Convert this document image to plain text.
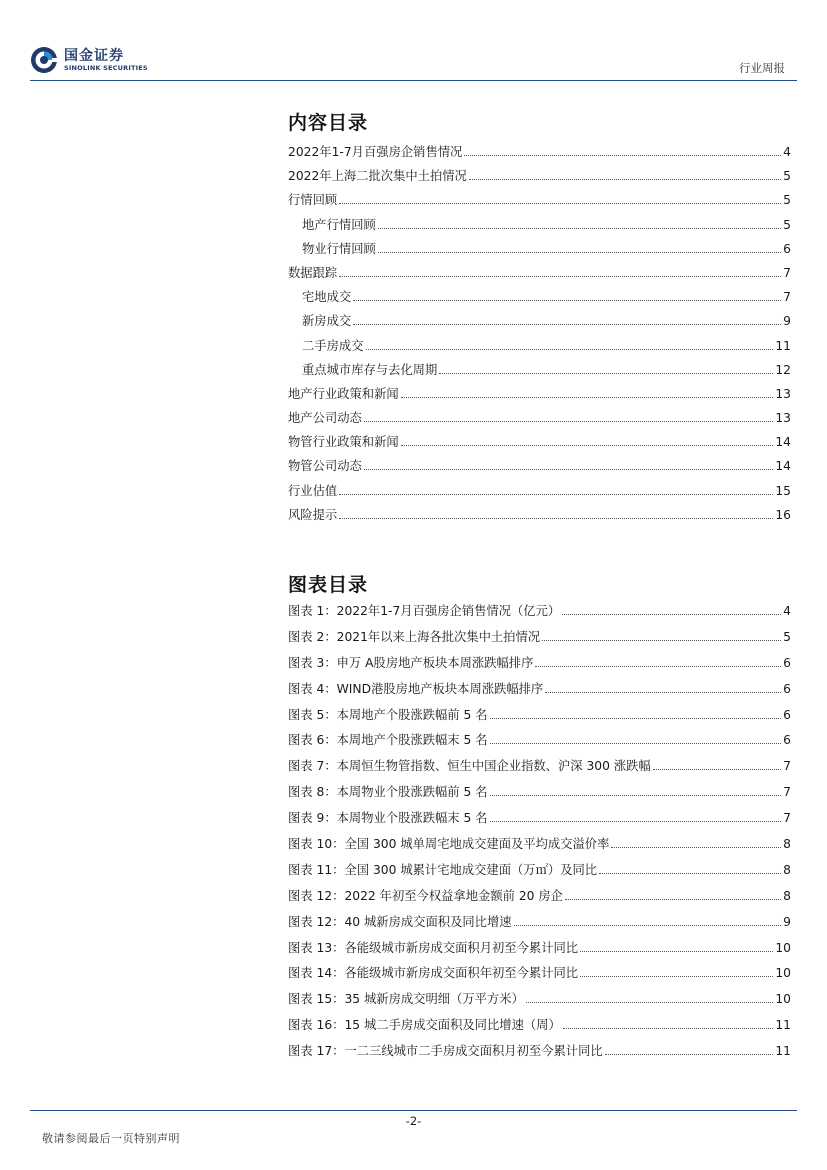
国金证券
SINOLINK SECURITIES	行业周报
内容目录
2022年1-7月百强房企销售情况	4
2022年上海二批次集中土拍情况	5
行情回顾	5
地产行情回顾	5
物业行情回顾	6
数据跟踪	7
宅地成交	7
新房成交	9
二手房成交	11
重点城市库存与去化周期	12
地产行业政策和新闻	13
地产公司动态	13
物管行业政策和新闻	14
物管公司动态	14
行业估值	15
风险提示	16
图表目录
图表 1：2022年1-7月百强房企销售情况（亿元）	4
图表 2：2021年以来上海各批次集中土拍情况	5
图表 3：申万 A股房地产板块本周涨跌幅排序	6
图表 4：WIND港股房地产板块本周涨跌幅排序	6
图表 5：本周地产个股涨跌幅前 5 名	6
图表 6：本周地产个股涨跌幅末 5 名	6
图表 7：本周恒生物管指数、恒生中国企业指数、沪深 300 涨跌幅	7
图表 8：本周物业个股涨跌幅前 5 名	7
图表 9：本周物业个股涨跌幅末 5 名	7
图表 10：全国 300 城单周宅地成交建面及平均成交溢价率	8
图表 11：全国 300 城累计宅地成交建面（万㎡）及同比	8
图表 12：2022 年初至今权益拿地金额前 20 房企	8
图表 12：40 城新房成交面积及同比增速	9
图表 13：各能级城市新房成交面积月初至今累计同比	10
图表 14：各能级城市新房成交面积年初至今累计同比	10
图表 15：35 城新房成交明细（万平方米）	10
图表 16：15 城二手房成交面积及同比增速（周）	11
图表 17：一二三线城市二手房成交面积月初至今累计同比	11
-2-
敬请参阅最后一页特别声明
